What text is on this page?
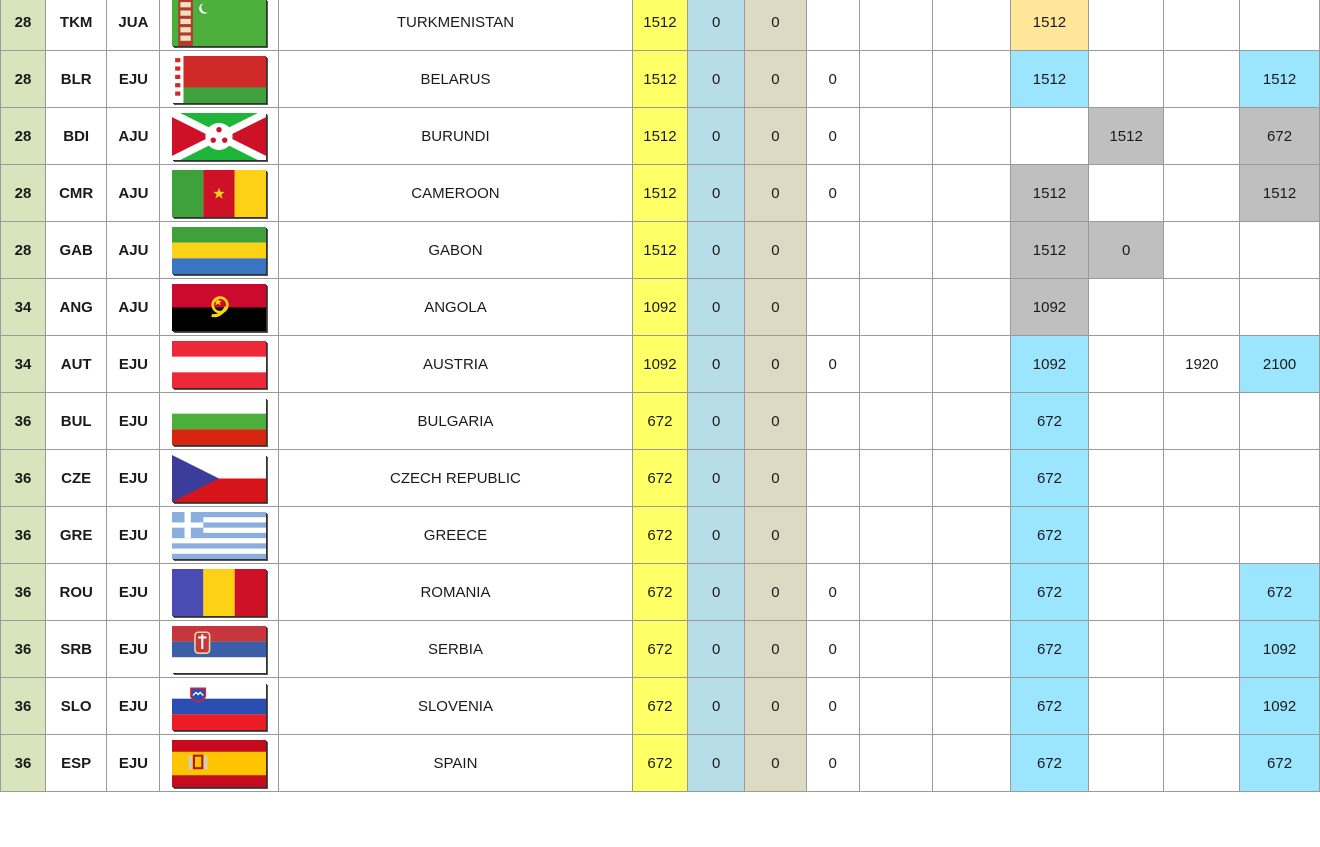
28	TKM	JUA		TURKMENISTAN	1512	0	0				1512			
28	BLR	EJU		BELARUS	1512	0	0	0			1512			1512
28	BDI	AJU		BURUNDI	1512	0	0	0				1512		672
28	CMR	AJU		CAMEROON	1512	0	0	0			1512			1512
28	GAB	AJU		GABON	1512	0	0				1512	0		
34	ANG	AJU		ANGOLA	1092	0	0				1092			
34	AUT	EJU		AUSTRIA	1092	0	0	0			1092		1920	2100
36	BUL	EJU		BULGARIA	672	0	0				672			
36	CZE	EJU		CZECH REPUBLIC	672	0	0				672			
36	GRE	EJU		GREECE	672	0	0				672			
36	ROU	EJU		ROMANIA	672	0	0	0			672			672
36	SRB	EJU		SERBIA	672	0	0	0			672			1092
36	SLO	EJU		SLOVENIA	672	0	0	0			672			1092
36	ESP	EJU		SPAIN	672	0	0	0			672			672
